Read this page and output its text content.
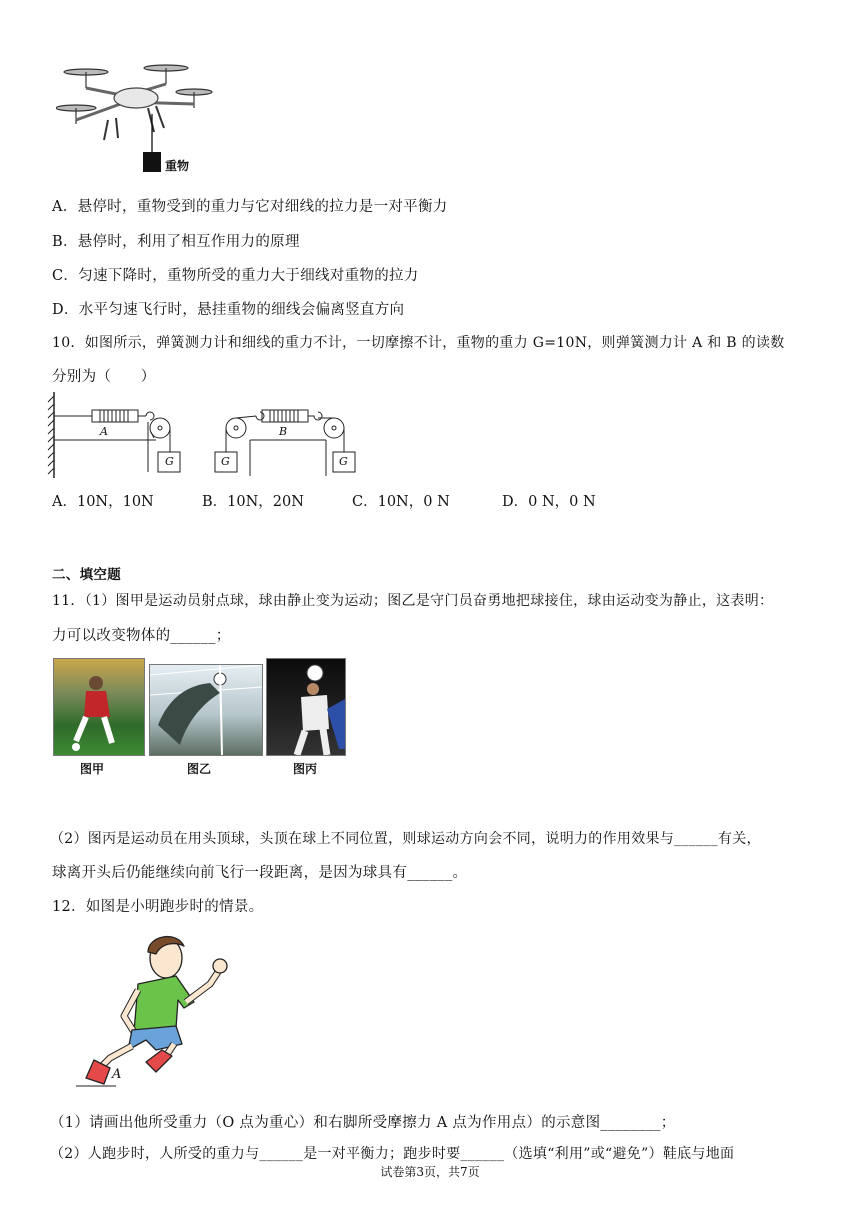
重物
A．悬停时，重物受到的重力与它对细线的拉力是一对平衡力
B．悬停时，利用了相互作用力的原理
C．匀速下降时，重物所受的重力大于细线对重物的拉力
D．水平匀速飞行时，悬挂重物的细线会偏离竖直方向
10．如图所示，弹簧测力计和细线的重力不计，一切摩擦不计，重物的重力 G=10N，则弹簧测力计 A 和 B 的读数
分别为（　　）
A	B
G	G	G
A．10N，10N	B．10N，20N	C．10N，0 N	D．0 N，0 N
二、填空题
11．（1）图甲是运动员射点球，球由静止变为运动；图乙是守门员奋勇地把球接住，球由运动变为静止，这表明：
力可以改变物体的______；
图甲	图乙	图丙
（2）图丙是运动员在用头顶球，头顶在球上不同位置，则球运动方向会不同，说明力的作用效果与______有关，
球离开头后仍能继续向前飞行一段距离，是因为球具有______。
12．如图是小明跑步时的情景。
A
（1）请画出他所受重力（O 点为重心）和右脚所受摩擦力 A 点为作用点）的示意图________；
（2）人跑步时，人所受的重力与______是一对平衡力；跑步时要______（选填“利用”或“避免”）鞋底与地面
试卷第3页，共7页
